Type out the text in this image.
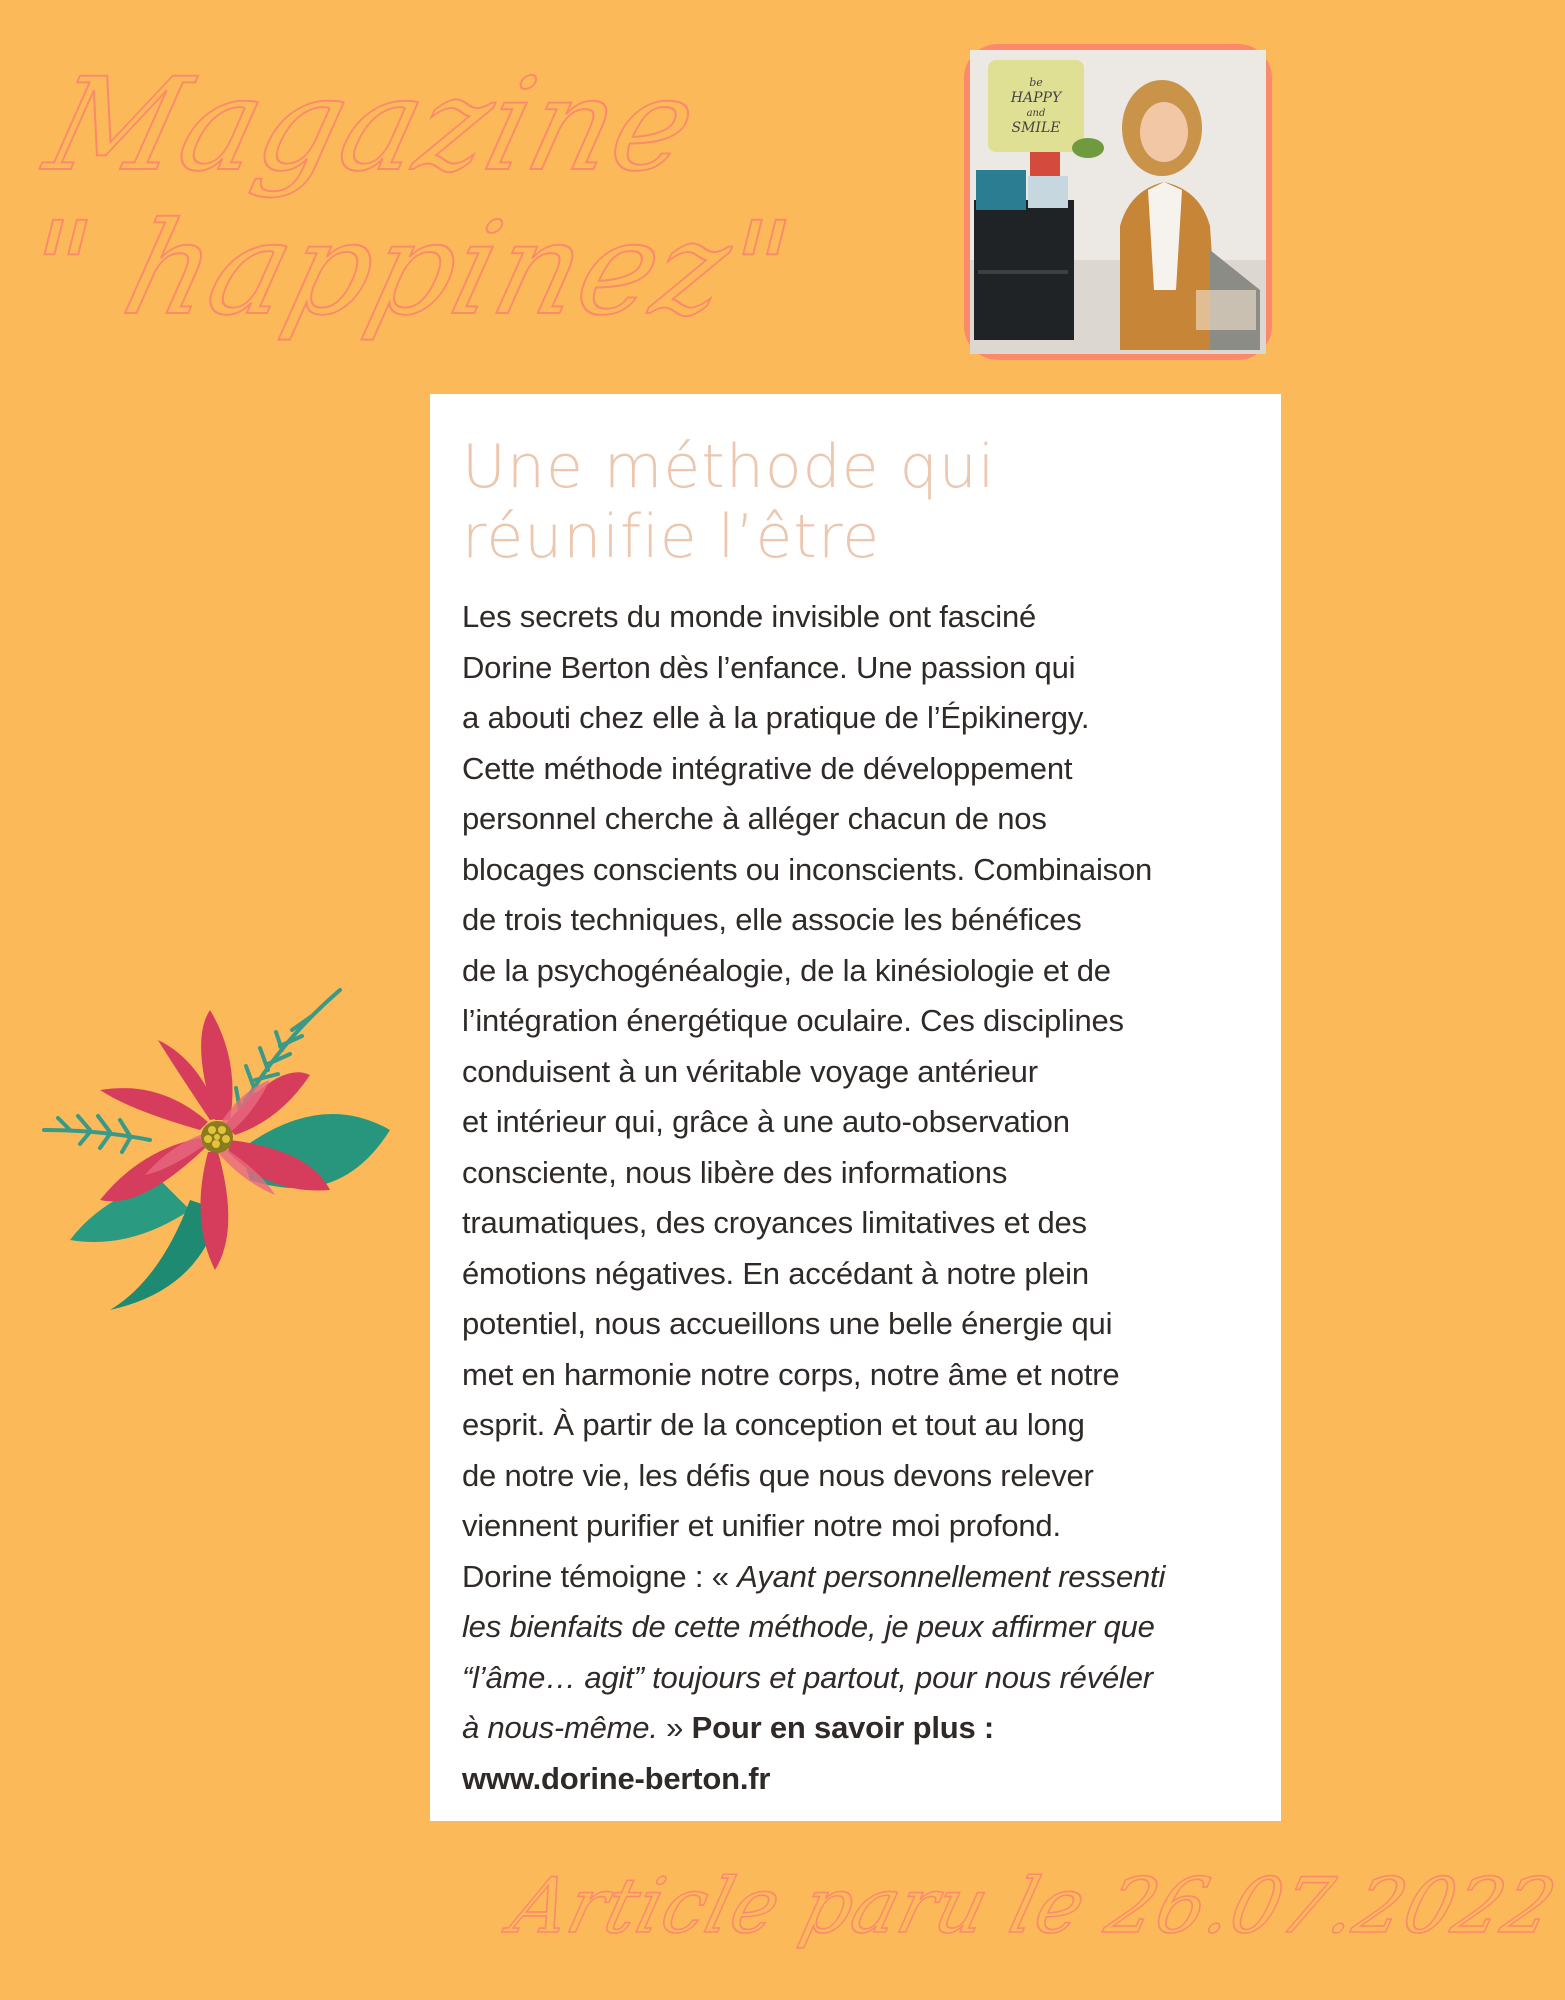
Magazine
" happinez"
be
HAPPY
and
SMILE
Une méthode qui
réunifie l’être
Les secrets du monde invisible ont fasciné
Dorine Berton dès l’enfance. Une passion qui
a abouti chez elle à la pratique de l’Épikinergy.
Cette méthode intégrative de développement
personnel cherche à alléger chacun de nos
blocages conscients ou inconscients. Combinaison
de trois techniques, elle associe les bénéfices
de la psychogénéalogie, de la kinésiologie et de
l’intégration énergétique oculaire. Ces disciplines
conduisent à un véritable voyage antérieur
et intérieur qui, grâce à une auto-observation
consciente, nous libère des informations
traumatiques, des croyances limitatives et des
émotions négatives. En accédant à notre plein
potentiel, nous accueillons une belle énergie qui
met en harmonie notre corps, notre âme et notre
esprit. À partir de la conception et tout au long
de notre vie, les défis que nous devons relever
viennent purifier et unifier notre moi profond.
Dorine témoigne : « Ayant personnellement ressenti
les bienfaits de cette méthode, je peux affirmer que
“l’âme… agit” toujours et partout, pour nous révéler
à nous-même. » Pour en savoir plus :
www.dorine-berton.fr
Article paru le 26.07.2022
